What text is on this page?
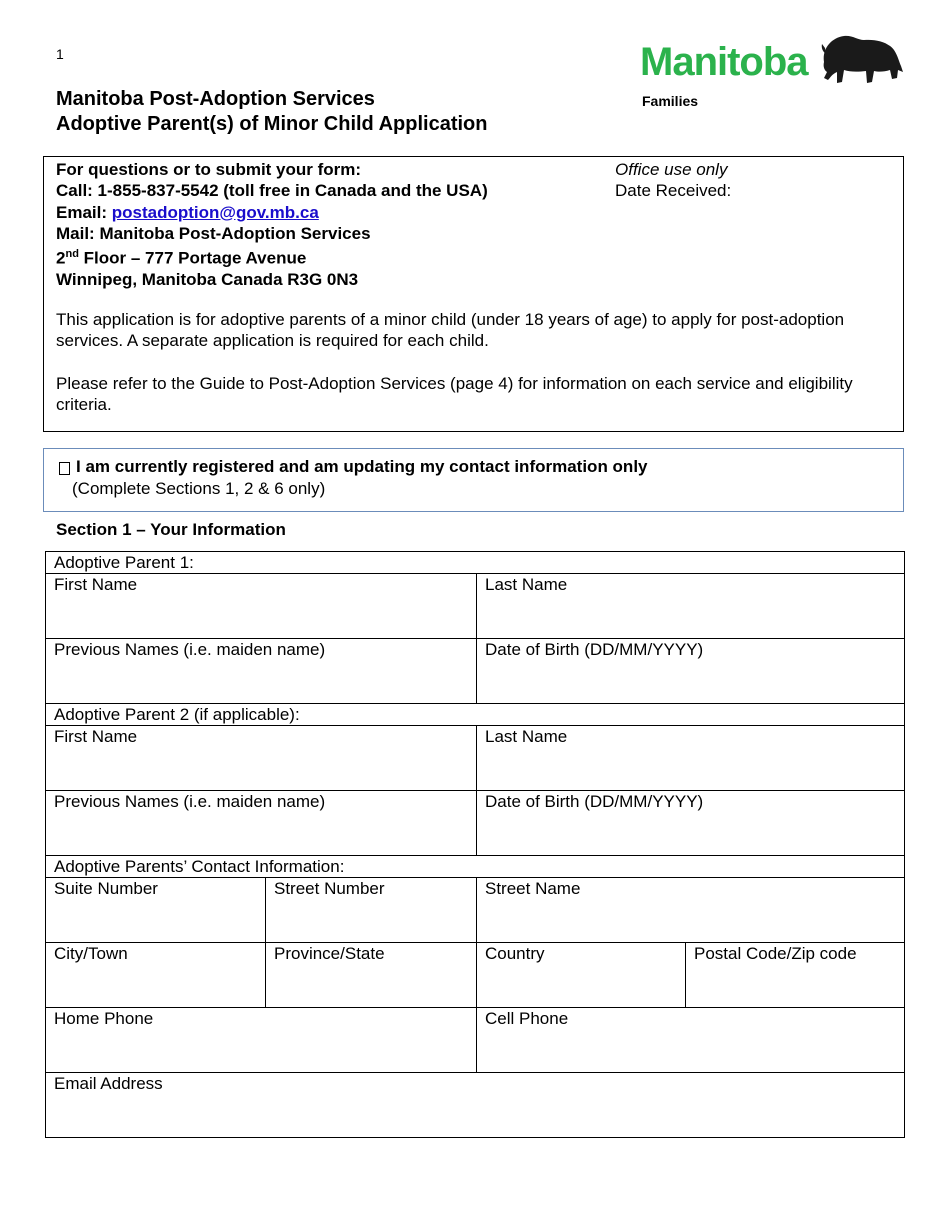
1
Manitoba Post-Adoption Services
Adoptive Parent(s) of Minor Child Application
Manitoba
Families
For questions or to submit your form:
Call: 1-855-837-5542 (toll free in Canada and the USA)
Email: postadoption@gov.mb.ca
Mail: Manitoba Post-Adoption Services
2nd Floor – 777 Portage Avenue
Winnipeg, Manitoba Canada R3G 0N3
Office use only
Date Received:
This application is for adoptive parents of a minor child (under 18 years of age) to apply for post-adoption services. A separate application is required for each child.
Please refer to the Guide to Post-Adoption Services (page 4) for information on each service and eligibility criteria.
I am currently registered and am updating my contact information only
(Complete Sections 1, 2 & 6 only)
Section 1 – Your Information
Adoptive Parent 1:			
First Name		Last Name	
Previous Names (i.e. maiden name)		Date of Birth (DD/MM/YYYY)	
Adoptive Parent 2 (if applicable):			
First Name		Last Name	
Previous Names (i.e. maiden name)		Date of Birth (DD/MM/YYYY)	
Adoptive Parents’ Contact Information:			
Suite Number	Street Number	Street Name	
City/Town	Province/State	Country	Postal Code/Zip code
Home Phone		Cell Phone	
Email Address			
